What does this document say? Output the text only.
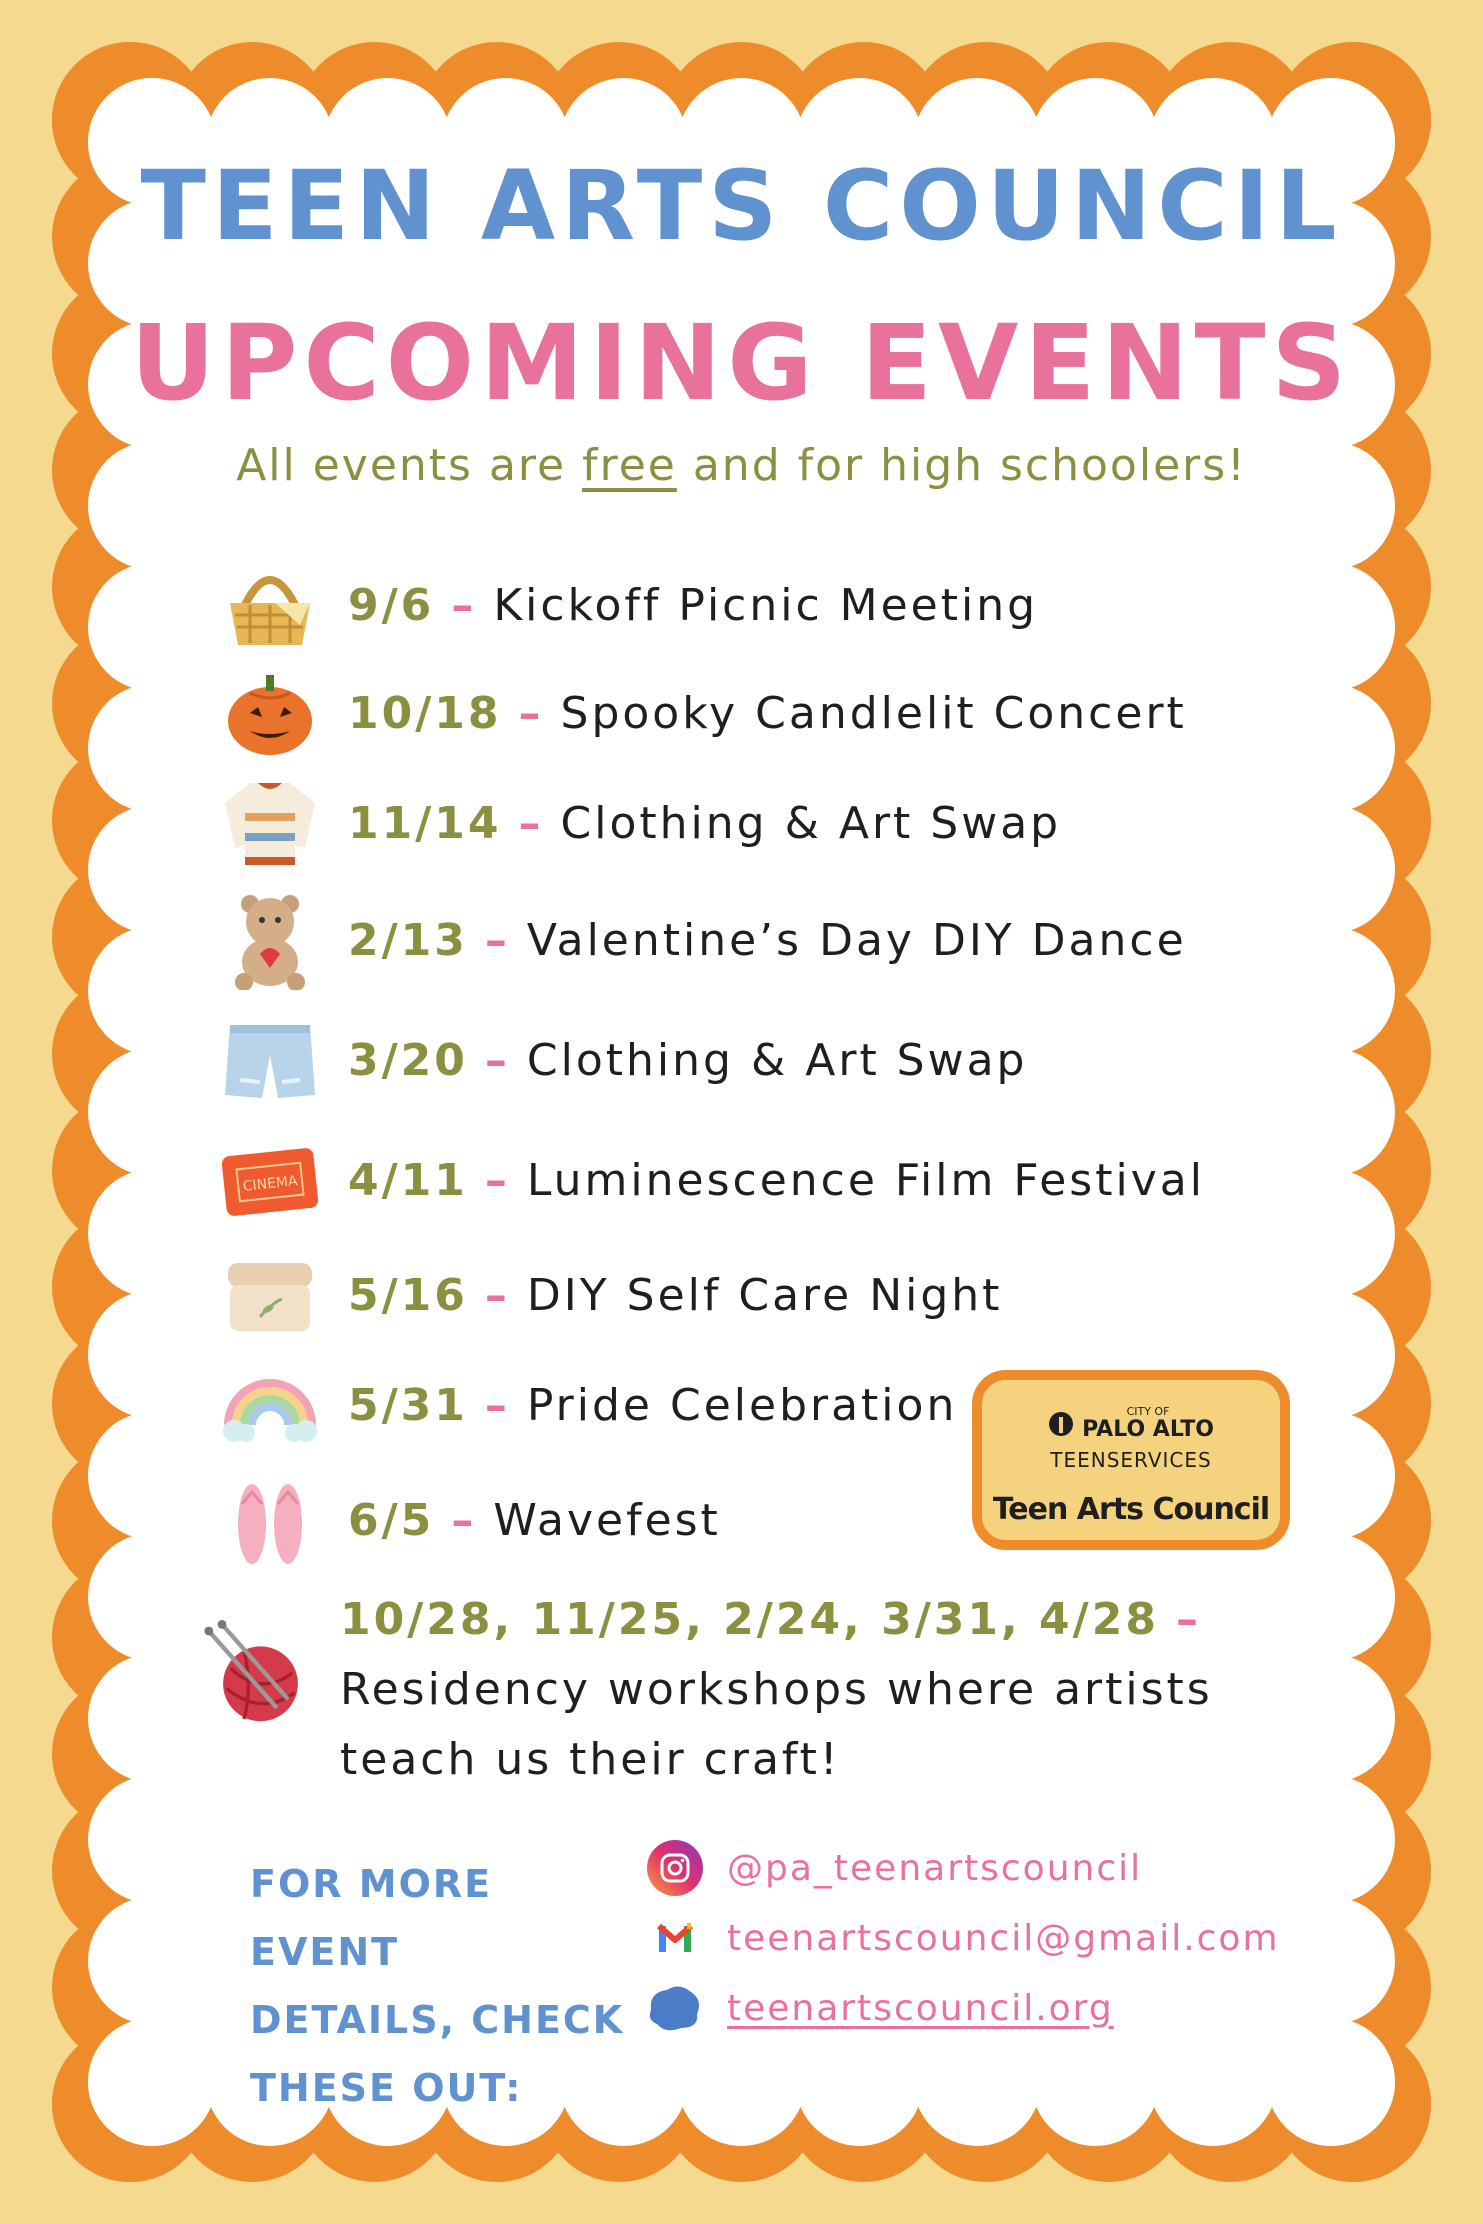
TEEN ARTS COUNCIL
UPCOMING EVENTS
All events are free and for high schoolers!
9/6 – Kickoff Picnic Meeting
10/18 – Spooky Candlelit Concert
11/14 – Clothing & Art Swap
2/13 – Valentine’s Day DIY Dance
3/20 – Clothing & Art Swap
CINEMA 4/11 – Luminescence Film Festival
5/16 – DIY Self Care Night
5/31 – Pride Celebration
6/5 – Wavefest
CITY OF
PALO ALTO
TEENSERVICES
Teen Arts Council
10/28, 11/25, 2/24, 3/31, 4/28 –
Residency workshops where artists
teach us their craft!
FOR MORE EVENT
DETAILS, CHECK
THESE OUT:
@pa_teenartscouncil
teenartscouncil@gmail.com
teenartscouncil.org
